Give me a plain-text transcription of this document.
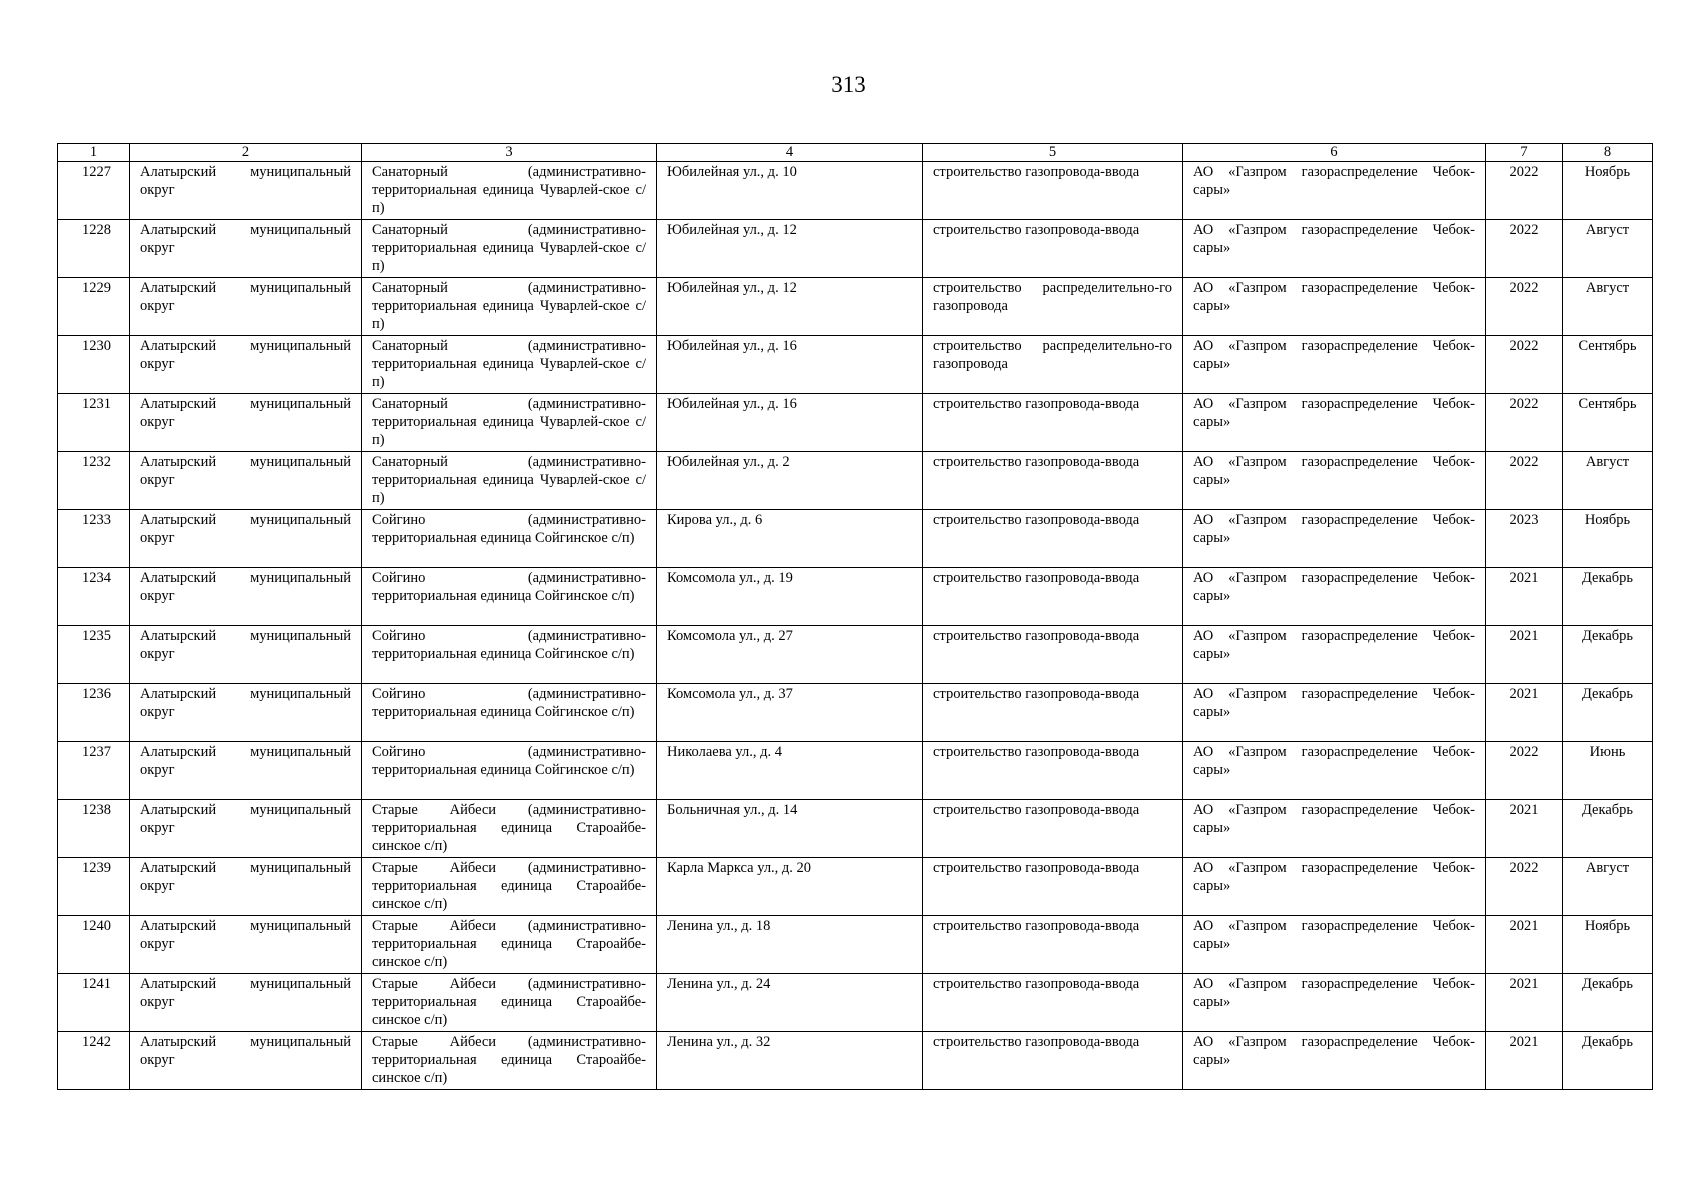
313
1	2	3	4	5	6	7	8
1227	Алатырский муниципальный округ	Санаторный (административно-территориальная единица Чуварлей-ское с/п)	Юбилейная ул., д. 10	строительство газопровода-ввода	АО «Газпром газораспределение Чебок-сары»	2022	Ноябрь
1228	Алатырский муниципальный округ	Санаторный (административно-территориальная единица Чуварлей-ское с/п)	Юбилейная ул., д. 12	строительство газопровода-ввода	АО «Газпром газораспределение Чебок-сары»	2022	Август
1229	Алатырский муниципальный округ	Санаторный (административно-территориальная единица Чуварлей-ское с/п)	Юбилейная ул., д. 12	строительство распределительно-го газопровода	АО «Газпром газораспределение Чебок-сары»	2022	Август
1230	Алатырский муниципальный округ	Санаторный (административно-территориальная единица Чуварлей-ское с/п)	Юбилейная ул., д. 16	строительство распределительно-го газопровода	АО «Газпром газораспределение Чебок-сары»	2022	Сентябрь
1231	Алатырский муниципальный округ	Санаторный (административно-территориальная единица Чуварлей-ское с/п)	Юбилейная ул., д. 16	строительство газопровода-ввода	АО «Газпром газораспределение Чебок-сары»	2022	Сентябрь
1232	Алатырский муниципальный округ	Санаторный (административно-территориальная единица Чуварлей-ское с/п)	Юбилейная ул., д. 2	строительство газопровода-ввода	АО «Газпром газораспределение Чебок-сары»	2022	Август
1233	Алатырский муниципальный округ	Сойгино (административно-территориальная единица Сойгинское с/п)	Кирова ул., д. 6	строительство газопровода-ввода	АО «Газпром газораспределение Чебок-сары»	2023	Ноябрь
1234	Алатырский муниципальный округ	Сойгино (административно-территориальная единица Сойгинское с/п)	Комсомола ул., д. 19	строительство газопровода-ввода	АО «Газпром газораспределение Чебок-сары»	2021	Декабрь
1235	Алатырский муниципальный округ	Сойгино (административно-территориальная единица Сойгинское с/п)	Комсомола ул., д. 27	строительство газопровода-ввода	АО «Газпром газораспределение Чебок-сары»	2021	Декабрь
1236	Алатырский муниципальный округ	Сойгино (административно-территориальная единица Сойгинское с/п)	Комсомола ул., д. 37	строительство газопровода-ввода	АО «Газпром газораспределение Чебок-сары»	2021	Декабрь
1237	Алатырский муниципальный округ	Сойгино (административно-территориальная единица Сойгинское с/п)	Николаева ул., д. 4	строительство газопровода-ввода	АО «Газпром газораспределение Чебок-сары»	2022	Июнь
1238	Алатырский муниципальный округ	Старые Айбеси (административно-территориальная единица Староайбе-синское с/п)	Больничная ул., д. 14	строительство газопровода-ввода	АО «Газпром газораспределение Чебок-сары»	2021	Декабрь
1239	Алатырский муниципальный округ	Старые Айбеси (административно-территориальная единица Староайбе-синское с/п)	Карла Маркса ул., д. 20	строительство газопровода-ввода	АО «Газпром газораспределение Чебок-сары»	2022	Август
1240	Алатырский муниципальный округ	Старые Айбеси (административно-территориальная единица Староайбе-синское с/п)	Ленина ул., д. 18	строительство газопровода-ввода	АО «Газпром газораспределение Чебок-сары»	2021	Ноябрь
1241	Алатырский муниципальный округ	Старые Айбеси (административно-территориальная единица Староайбе-синское с/п)	Ленина ул., д. 24	строительство газопровода-ввода	АО «Газпром газораспределение Чебок-сары»	2021	Декабрь
1242	Алатырский муниципальный округ	Старые Айбеси (административно-территориальная единица Староайбе-синское с/п)	Ленина ул., д. 32	строительство газопровода-ввода	АО «Газпром газораспределение Чебок-сары»	2021	Декабрь
